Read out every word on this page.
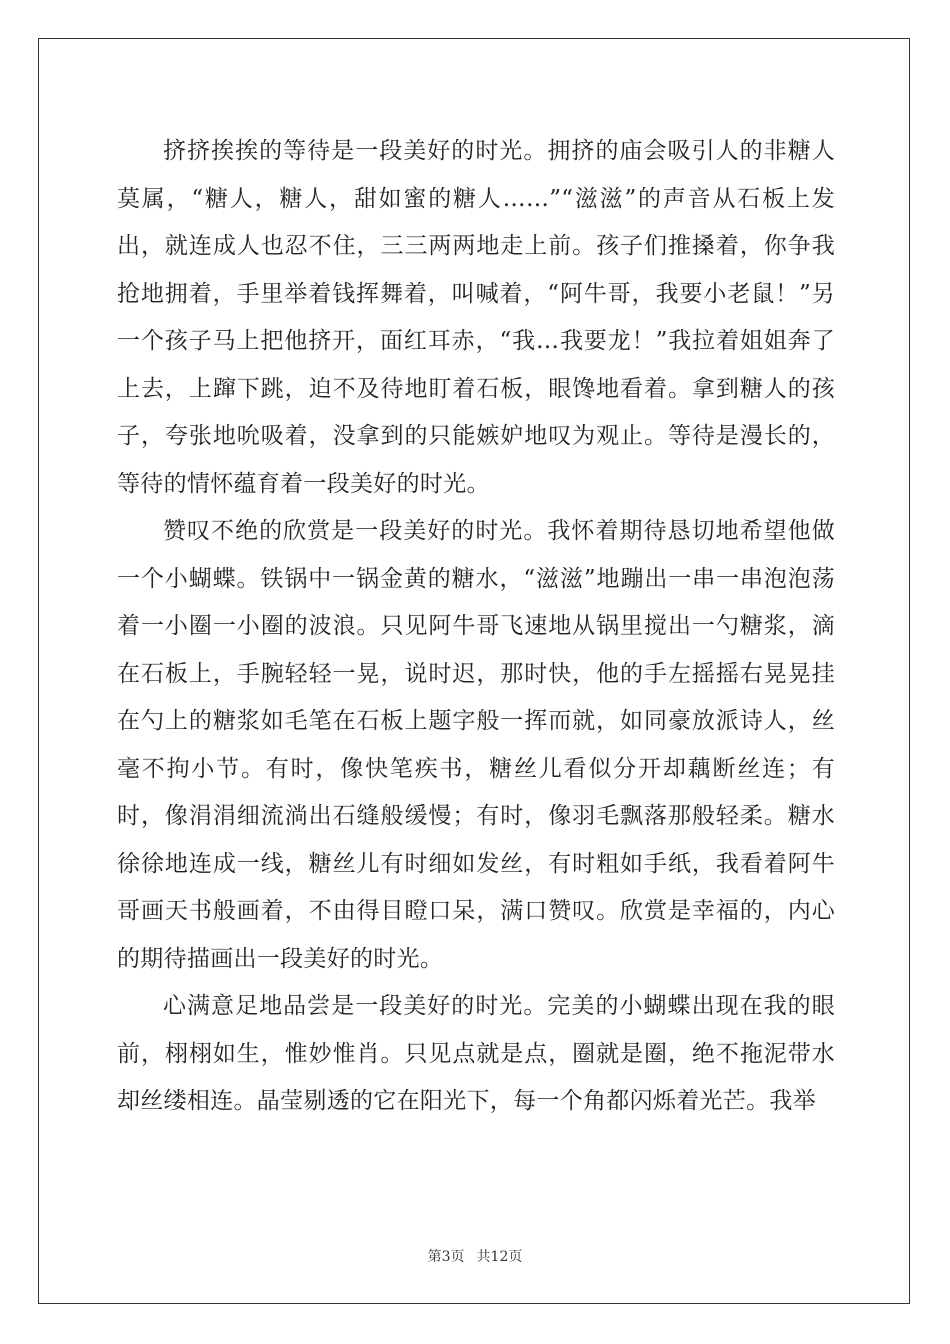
挤挤挨挨的等待是一段美好的时光。拥挤的庙会吸引人的非糖人莫属，“糖人，糖人，甜如蜜的糖人……”“滋滋”的声音从石板上发出，就连成人也忍不住，三三两两地走上前。孩子们推搡着，你争我抢地拥着，手里举着钱挥舞着，叫喊着，“阿牛哥，我要小老鼠！”另一个孩子马上把他挤开，面红耳赤，“我…我要龙！”我拉着姐姐奔了上去，上蹿下跳，迫不及待地盯着石板，眼馋地看着。拿到糖人的孩子，夸张地吮吸着，没拿到的只能嫉妒地叹为观止。等待是漫长的，等待的情怀蕴育着一段美好的时光。

赞叹不绝的欣赏是一段美好的时光。我怀着期待恳切地希望他做一个小蝴蝶。铁锅中一锅金黄的糖水，“滋滋”地蹦出一串一串泡泡荡着一小圈一小圈的波浪。只见阿牛哥飞速地从锅里搅出一勺糖浆，滴在石板上，手腕轻轻一晃，说时迟，那时快，他的手左摇摇右晃晃挂在勺上的糖浆如毛笔在石板上题字般一挥而就，如同豪放派诗人，丝毫不拘小节。有时，像快笔疾书，糖丝儿看似分开却藕断丝连；有时，像涓涓细流淌出石缝般缓慢；有时，像羽毛飘落那般轻柔。糖水徐徐地连成一线，糖丝儿有时细如发丝，有时粗如手纸，我看着阿牛哥画天书般画着，不由得目瞪口呆，满口赞叹。欣赏是幸福的，内心的期待描画出一段美好的时光。

心满意足地品尝是一段美好的时光。完美的小蝴蝶出现在我的眼前，栩栩如生，惟妙惟肖。只见点就是点，圈就是圈，绝不拖泥带水却丝缕相连。晶莹剔透的它在阳光下，每一个角都闪烁着光芒。我举

第3页 共12页
